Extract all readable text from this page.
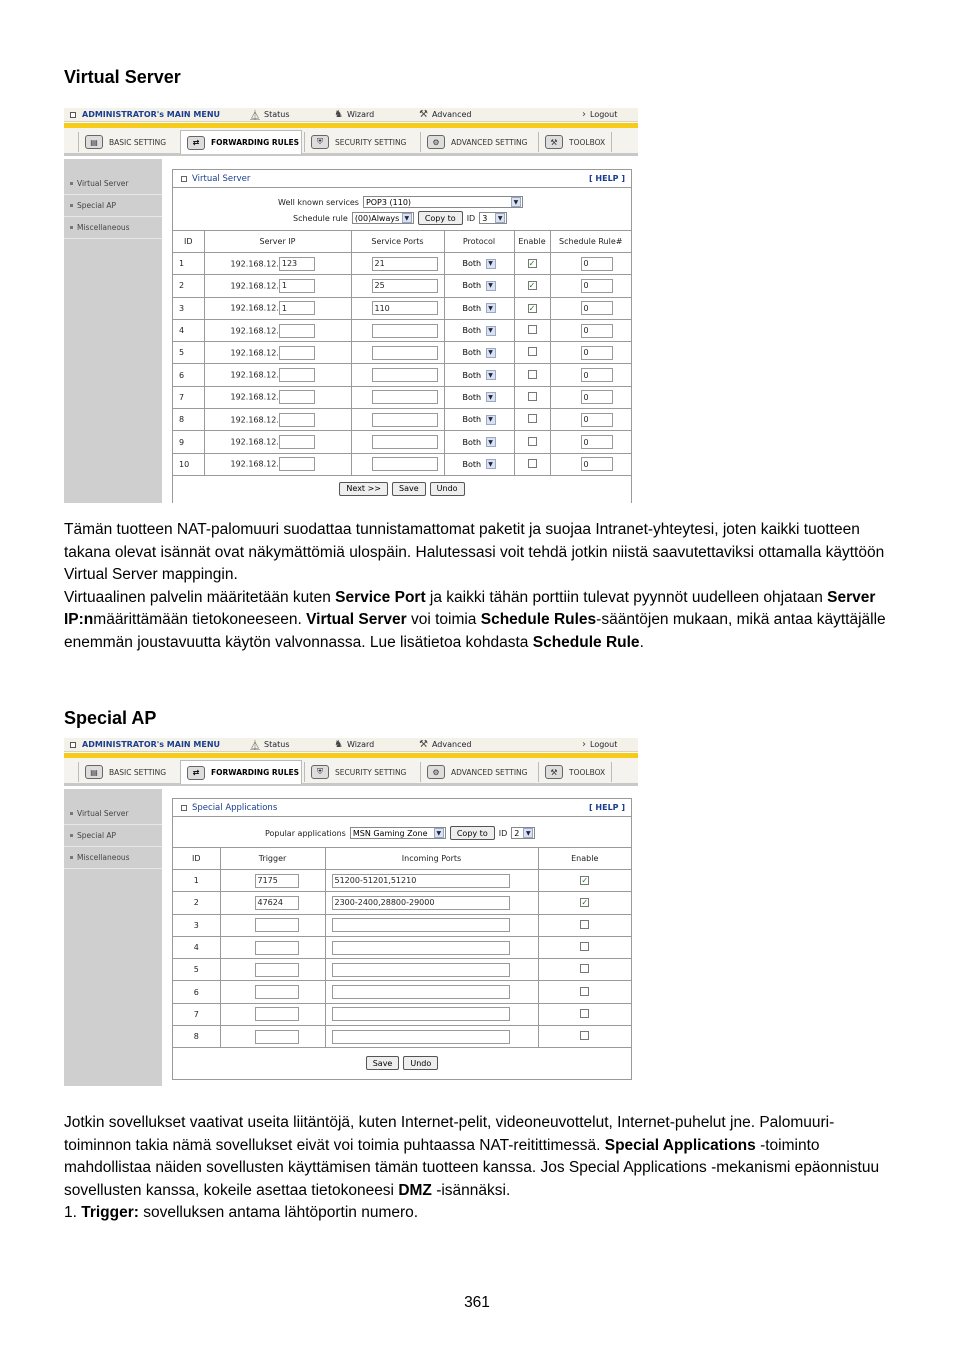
Virtual Server
ADMINISTRATOR's MAIN MENU	⏅ Status	♞ Wizard	⚒ Advanced	› Logout
▤	BASIC SETTING	⇄	FORWARDING RULES	⛨	SECURITY SETTING	⚙	ADVANCED SETTING	⚒	TOOLBOX
Virtual Server
Special AP
Miscellaneous
Virtual Server	[ HELP ]
Well known services POP3 (110)	▼
Schedule rule (00)Always ▼	Copy to	ID 3	▼
ID	Server IP	Service Ports	Protocol	Enable	Schedule Rule#
1	192.168.12. 123	21	Both ▼	✓	0
2	192.168.12. 1	25	Both ▼	✓	0
3	192.168.12. 1	110	Both ▼	✓	0
4	192.168.12.		Both ▼		0
5	192.168.12.		Both ▼		0
6	192.168.12.		Both ▼		0
7	192.168.12.		Both ▼		0
8	192.168.12.		Both ▼		0
9	192.168.12.		Both ▼		0
10	192.168.12.		Both ▼		0
Next >>	Save	Undo
Tämän tuotteen NAT-palomuuri suodattaa tunnistamattomat paketit ja suojaa Intranet-yhteytesi, joten kaikki tuotteen takana olevat isännät ovat näkymättömiä ulospäin. Halutessasi voit tehdä jotkin niistä saavutettaviksi ottamalla käyttöön Virtual Server mappingin.
Virtuaalinen palvelin määritetään kuten Service Port ja kaikki tähän porttiin tulevat pyynnöt uudelleen ohjataan Server IP:nmäärittämään tietokoneeseen. Virtual Server voi toimia Schedule Rules-sääntöjen mukaan, mikä antaa käyttäjälle enemmän joustavuutta käytön valvonnassa. Lue lisätietoa kohdasta Schedule Rule.
Special AP
ADMINISTRATOR's MAIN MENU	⏅ Status	♞ Wizard	⚒ Advanced	› Logout
▤	BASIC SETTING	⇄	FORWARDING RULES	⛨	SECURITY SETTING	⚙	ADVANCED SETTING	⚒	TOOLBOX
Virtual Server
Special AP
Miscellaneous
Special Applications	[ HELP ]
Popular applications MSN Gaming Zone	▼	Copy to	ID 2	▼
ID	Trigger	Incoming Ports	Enable
1	7175	51200-51201,51210	✓
2	47624	2300-2400,28800-29000	✓
3			
4			
5			
6			
7			
8			
Save	Undo
Jotkin sovellukset vaativat useita liitäntöjä, kuten Internet-pelit, videoneuvottelut, Internet-puhelut jne. Palomuuri-toiminnon takia nämä sovellukset eivät voi toimia puhtaassa NAT-reitittimessä. Special Applications -toiminto mahdollistaa näiden sovellusten käyttämisen tämän tuotteen kanssa. Jos Special Applications -mekanismi epäonnistuu sovellusten kanssa, kokeile asettaa tietokoneesi DMZ -isännäksi.
1. Trigger: sovelluksen antama lähtöportin numero.
361
